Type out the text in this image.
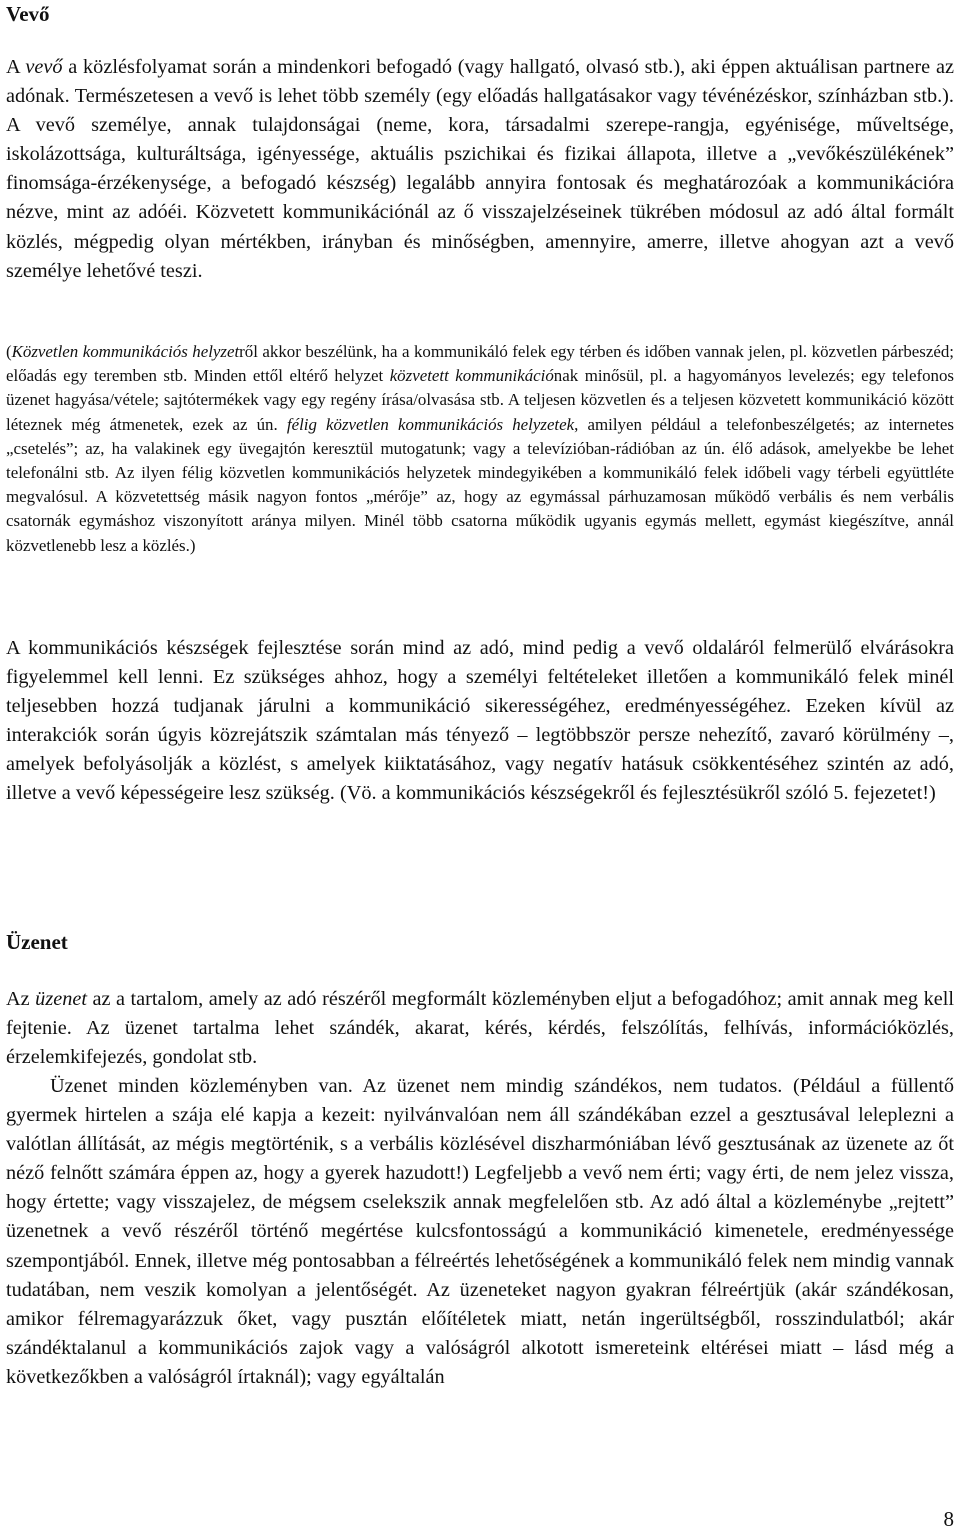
Vevő

A vevő a közlésfolyamat során a mindenkori befogadó (vagy hallgató, olvasó stb.), aki éppen aktuálisan partnere az adónak. Természetesen a vevő is lehet több személy (egy előadás hallgatásakor vagy tévénézéskor, színházban stb.). A vevő személye, annak tulajdonságai (neme, kora, társadalmi szerepe-rangja, egyénisége, műveltsége, iskolázottsága, kulturáltsága, igényessége, aktuális pszichikai és fizikai állapota, illetve a „vevőkészülékének” finomsága-érzékenysége, a befogadó készség) legalább annyira fontosak és meghatározóak a kommunikációra nézve, mint az adóéi. Közvetett kommunikációnál az ő visszajelzéseinek tükrében módosul az adó által formált közlés, mégpedig olyan mértékben, irányban és minőségben, amennyire, amerre, illetve ahogyan azt a vevő személye lehetővé teszi.

(Közvetlen kommunikációs helyzetről akkor beszélünk, ha a kommunikáló felek egy térben és időben vannak jelen, pl. közvetlen párbeszéd; előadás egy teremben stb. Minden ettől eltérő helyzet közvetett kommunikációnak minősül, pl. a hagyományos levelezés; egy telefonos üzenet hagyása/vétele; sajtótermékek vagy egy regény írása/olvasása stb. A teljesen közvetlen és a teljesen közvetett kommunikáció között léteznek még átmenetek, ezek az ún. félig közvetlen kommunikációs helyzetek, amilyen például a telefonbeszélgetés; az internetes „csetelés”; az, ha valakinek egy üvegajtón keresztül mutogatunk; vagy a televízióban-rádióban az ún. élő adások, amelyekbe be lehet telefonálni stb. Az ilyen félig közvetlen kommunikációs helyzetek mindegyikében a kommunikáló felek időbeli vagy térbeli együttléte megvalósul. A közvetettség másik nagyon fontos „mérője” az, hogy az egymással párhuzamosan működő verbális és nem verbális csatornák egymáshoz viszonyított aránya milyen. Minél több csatorna működik ugyanis egymás mellett, egymást kiegészítve, annál közvetlenebb lesz a közlés.)

A kommunikációs készségek fejlesztése során mind az adó, mind pedig a vevő oldaláról felmerülő elvárásokra figyelemmel kell lenni. Ez szükséges ahhoz, hogy a személyi feltételeket illetően a kommunikáló felek minél teljesebben hozzá tudjanak járulni a kommunikáció sikerességéhez, eredményességéhez. Ezeken kívül az interakciók során úgyis közrejátszik számtalan más tényező – legtöbbször persze nehezítő, zavaró körülmény –, amelyek befolyásolják a közlést, s amelyek kiiktatásához, vagy negatív hatásuk csökkentéséhez szintén az adó, illetve a vevő képességeire lesz szükség. (Vö. a kommunikációs készségekről és fejlesztésükről szóló 5. fejezetet!)

Üzenet

Az üzenet az a tartalom, amely az adó részéről megformált közleményben eljut a befogadóhoz; amit annak meg kell fejtenie. Az üzenet tartalma lehet szándék, akarat, kérés, kérdés, felszólítás, felhívás, információközlés, érzelemkifejezés, gondolat stb.

Üzenet minden közleményben van. Az üzenet nem mindig szándékos, nem tudatos. (Például a füllentő gyermek hirtelen a szája elé kapja a kezeit: nyilvánvalóan nem áll szándékában ezzel a gesztusával leleplezni a valótlan állítását, az mégis megtörténik, s a verbális közlésével diszharmóniában lévő gesztusának az üzenete az őt néző felnőtt számára éppen az, hogy a gyerek hazudott!) Legfeljebb a vevő nem érti; vagy érti, de nem jelez vissza, hogy értette; vagy visszajelez, de mégsem cselekszik annak megfelelően stb. Az adó által a közleménybe „rejtett” üzenetnek a vevő részéről történő megértése kulcsfontosságú a kommunikáció kimenetele, eredményessége szempontjából. Ennek, illetve még pontosabban a félreértés lehetőségének a kommunikáló felek nem mindig vannak tudatában, nem veszik komolyan a jelentőségét. Az üzeneteket nagyon gyakran félreértjük (akár szándékosan, amikor félremagyarázzuk őket, vagy pusztán előítéletek miatt, netán ingerültségből, rosszindulatból; akár szándéktalanul a kommunikációs zajok vagy a valóságról alkotott ismereteink eltérései miatt – lásd még a következőkben a valóságról írtaknál); vagy egyáltalán

8
